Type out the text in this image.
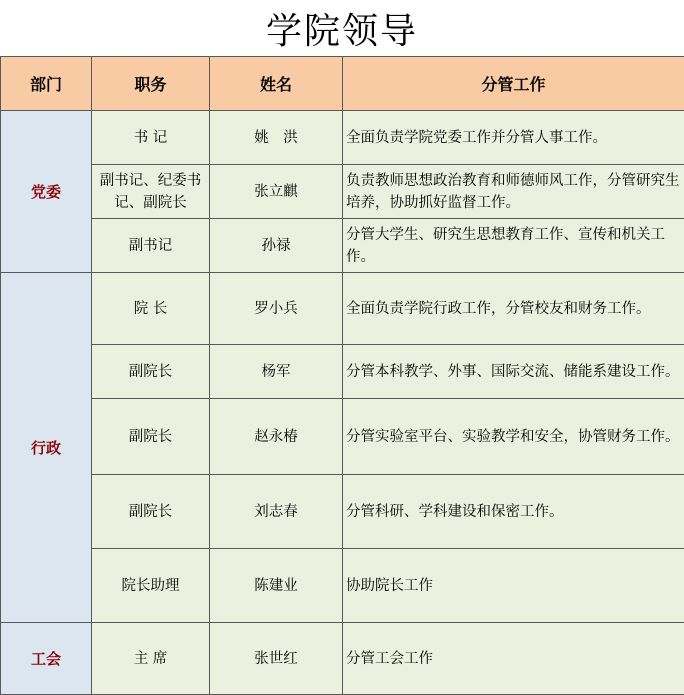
学院领导
部门	职务	姓名	分管工作
党委	书 记	姚　洪	全面负责学院党委工作并分管人事工作。
	副书记、纪委书记、副院长	张立麒	负责教师思想政治教育和师德师风工作，分管研究生培养，协助抓好监督工作。
	副书记	孙禄	分管大学生、研究生思想教育工作、宣传和机关工作。
行政	院 长	罗小兵	全面负责学院行政工作，分管校友和财务工作。
	副院长	杨军	分管本科教学、外事、国际交流、储能系建设工作。
	副院长	赵永椿	分管实验室平台、实验教学和安全，协管财务工作。
	副院长	刘志春	分管科研、学科建设和保密工作。
	院长助理	陈建业	协助院长工作
工会	主 席	张世红	分管工会工作
